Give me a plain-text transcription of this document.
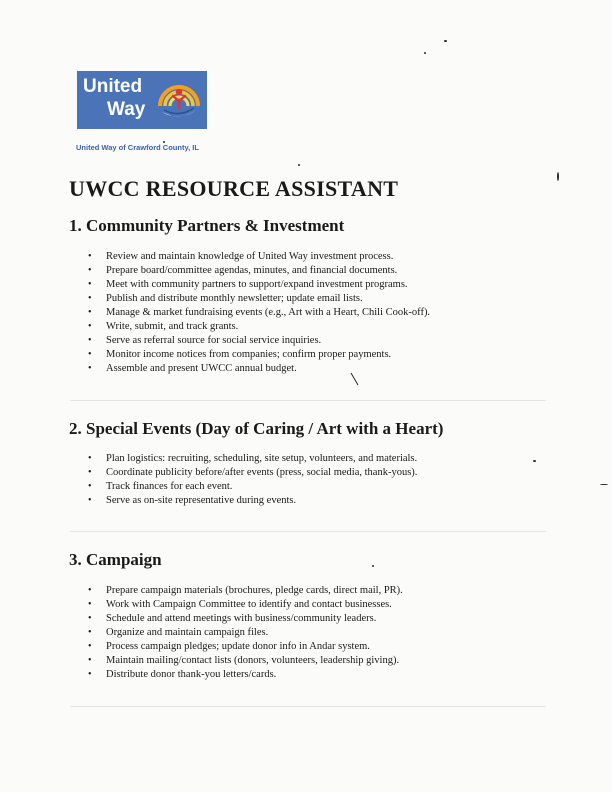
United
Way
United Way of Crawford County, IL
UWCC RESOURCE ASSISTANT
1. Community Partners & Investment
• Review and maintain knowledge of United Way investment process.
• Prepare board/committee agendas, minutes, and financial documents.
• Meet with community partners to support/expand investment programs.
• Publish and distribute monthly newsletter; update email lists.
• Manage & market fundraising events (e.g., Art with a Heart, Chili Cook-off).
• Write, submit, and track grants.
• Serve as referral source for social service inquiries.
• Monitor income notices from companies; confirm proper payments.
• Assemble and present UWCC annual budget.
2. Special Events (Day of Caring / Art with a Heart)
• Plan logistics: recruiting, scheduling, site setup, volunteers, and materials.
• Coordinate publicity before/after events (press, social media, thank-yous).
• Track finances for each event.
• Serve as on-site representative during events.
3. Campaign
• Prepare campaign materials (brochures, pledge cards, direct mail, PR).
• Work with Campaign Committee to identify and contact businesses.
• Schedule and attend meetings with business/community leaders.
• Organize and maintain campaign files.
• Process campaign pledges; update donor info in Andar system.
• Maintain mailing/contact lists (donors, volunteers, leadership giving).
• Distribute donor thank-you letters/cards.
